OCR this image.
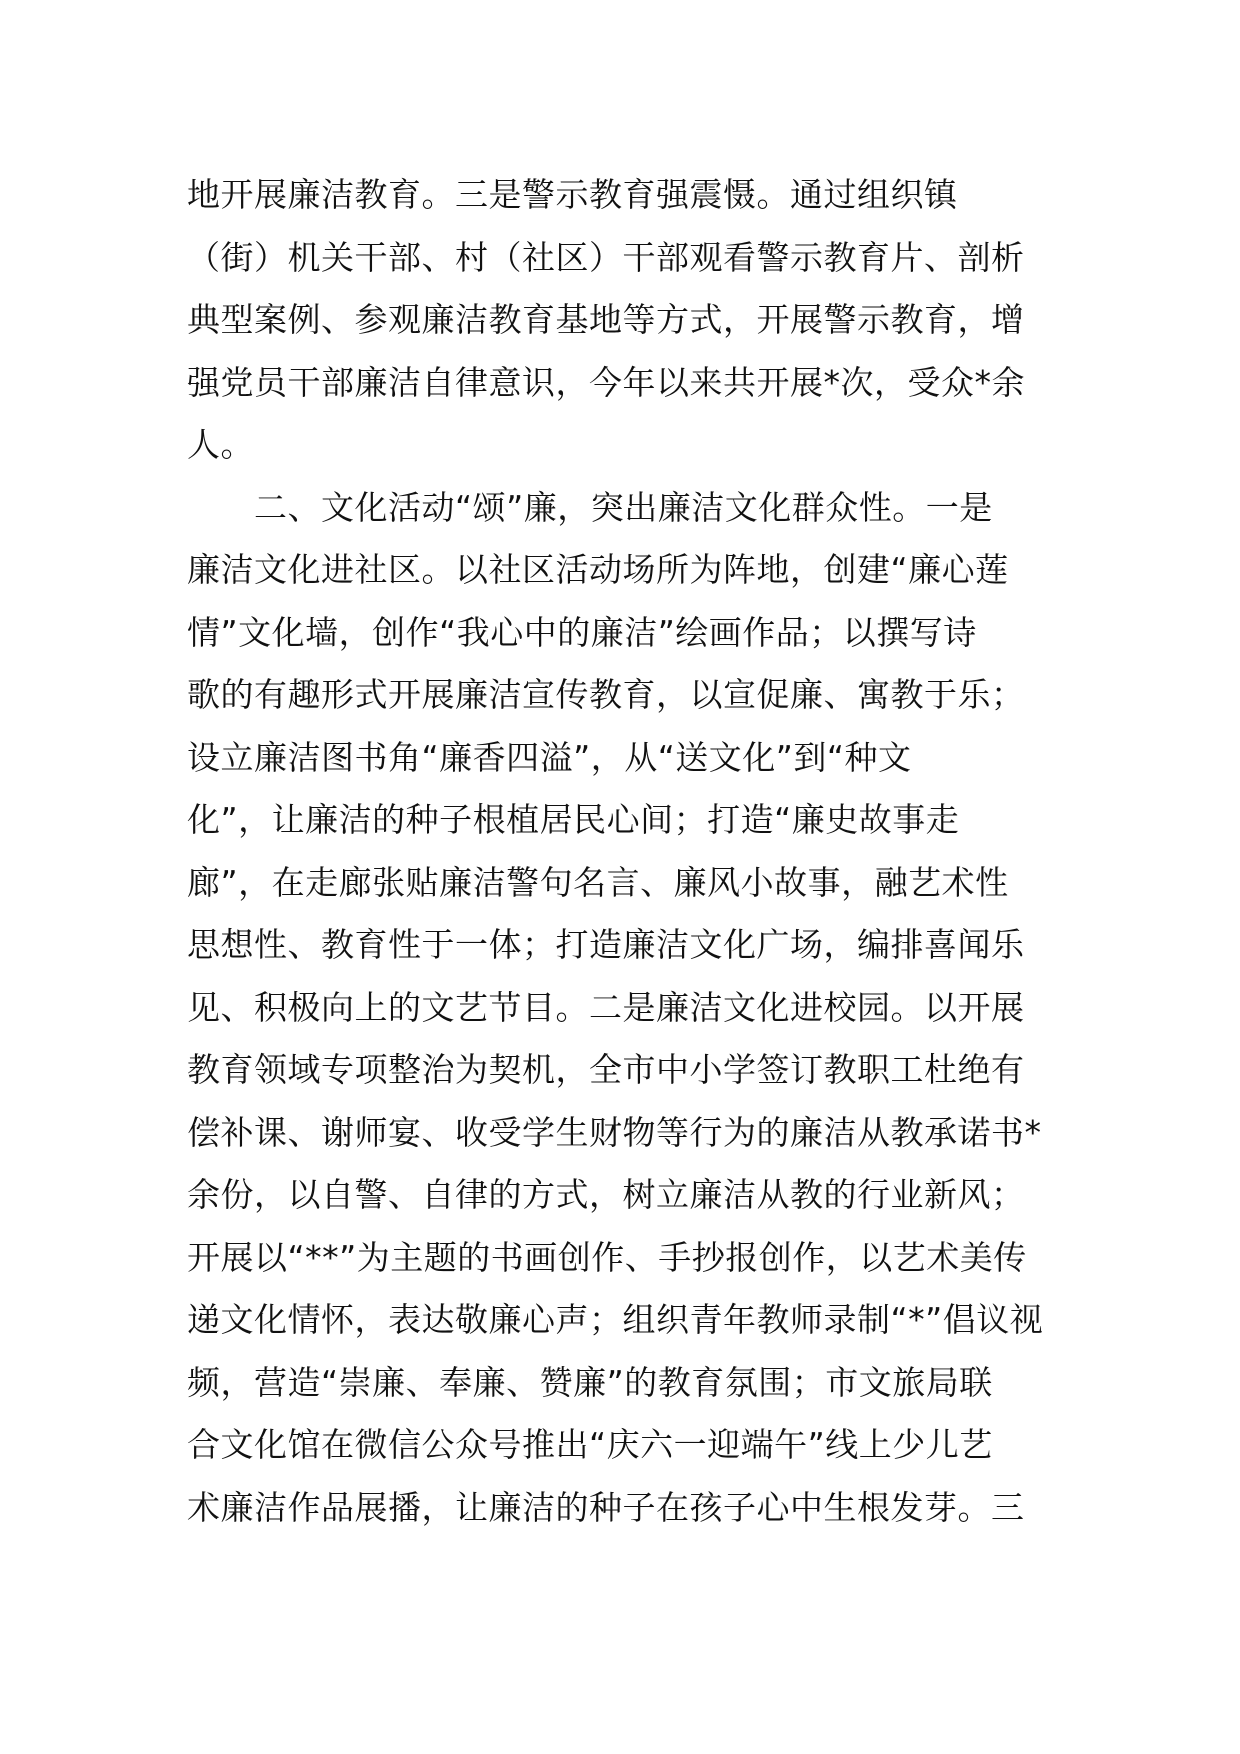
地开展廉洁教育。三是警示教育强震慑。通过组织镇
（街）机关干部、村（社区）干部观看警示教育片、剖析
典型案例、参观廉洁教育基地等方式，开展警示教育，增
强党员干部廉洁自律意识，今年以来共开展*次，受众*余
人。
　　二、文化活动“颂”廉，突出廉洁文化群众性。一是
廉洁文化进社区。以社区活动场所为阵地，创建“廉心莲
情”文化墙，创作“我心中的廉洁”绘画作品；以撰写诗
歌的有趣形式开展廉洁宣传教育，以宣促廉、寓教于乐；
设立廉洁图书角“廉香四溢”，从“送文化”到“种文
化”，让廉洁的种子根植居民心间；打造“廉史故事走
廊”，在走廊张贴廉洁警句名言、廉风小故事，融艺术性
思想性、教育性于一体；打造廉洁文化广场，编排喜闻乐
见、积极向上的文艺节目。二是廉洁文化进校园。以开展
教育领域专项整治为契机，全市中小学签订教职工杜绝有
偿补课、谢师宴、收受学生财物等行为的廉洁从教承诺书*
余份，以自警、自律的方式，树立廉洁从教的行业新风；
开展以“**”为主题的书画创作、手抄报创作，以艺术美传
递文化情怀，表达敬廉心声；组织青年教师录制“*”倡议视
频，营造“崇廉、奉廉、赞廉”的教育氛围；市文旅局联
合文化馆在微信公众号推出“庆六一迎端午”线上少儿艺
术廉洁作品展播，让廉洁的种子在孩子心中生根发芽。三
